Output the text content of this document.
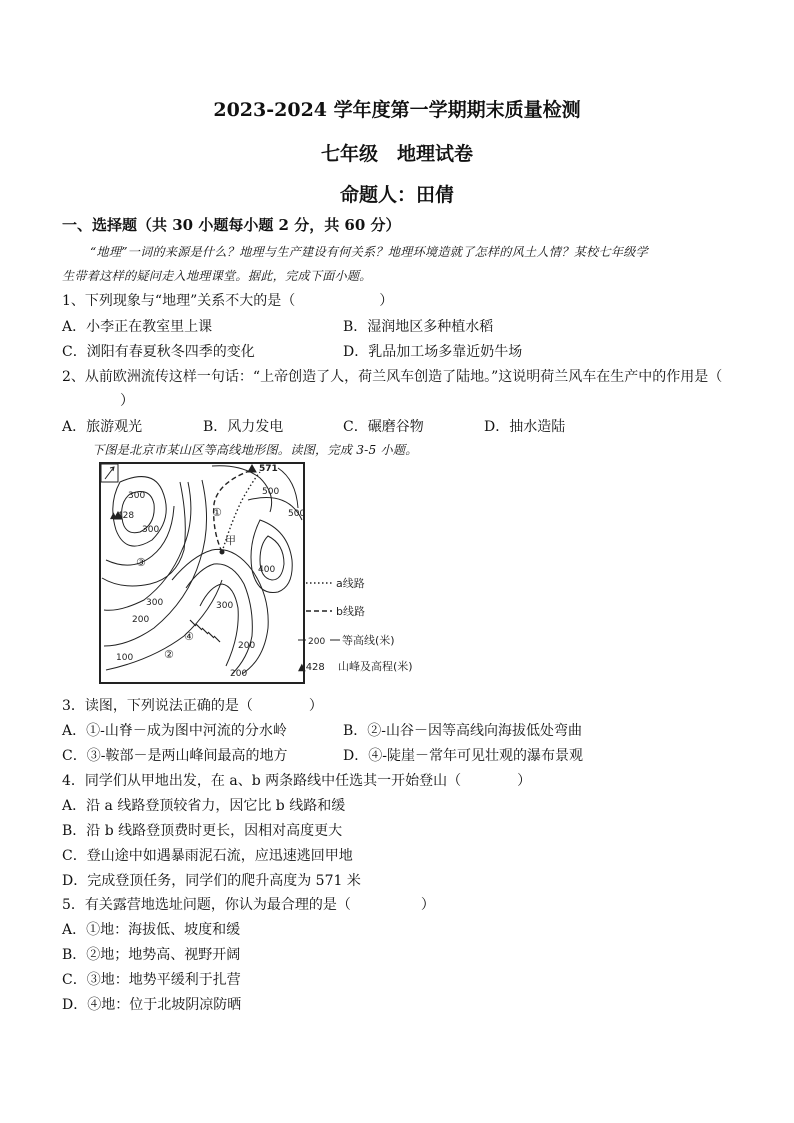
2023-2024 学年度第一学期期末质量检测
七年级　地理试卷
命题人：田倩
一、选择题（共 30 小题每小题 2 分，共 60 分）
“地理”一词的来源是什么？地理与生产建设有何关系？地理环境造就了怎样的风土人情？某校七年级学
生带着这样的疑问走入地理课堂。据此，完成下面小题。
1、下列现象与“地理”关系不大的是（　　　　　　）
A．小李正在教室里上课	B．湿润地区多种植水稻
C．浏阳有春夏秋冬四季的变化	D．乳品加工场多靠近奶牛场
2、从前欧洲流传这样一句话：“上帝创造了人，荷兰风车创造了陆地。”这说明荷兰风车在生产中的作用是（
）
A．旅游观光	B．风力发电	C．碾磨谷物	D．抽水造陆
下图是北京市某山区等高线地形图。读图，完成 3-5 小题。
571
▲428
500
500
300
300
300	300
400
200
200
200
100
甲
①
②
③
④
a线路
b线路
200 等高线(米)
▲428 山峰及高程(米)
3．读图，下列说法正确的是（　　　　）
A．①-山脊－成为图中河流的分水岭	B．②-山谷－因等高线向海拔低处弯曲
C．③-鞍部－是两山峰间最高的地方	D．④-陡崖－常年可见壮观的瀑布景观
4．同学们从甲地出发，在 a、b 两条路线中任选其一开始登山（　　　　）
A．沿 a 线路登顶较省力，因它比 b 线路和缓
B．沿 b 线路登顶费时更长，因相对高度更大
C．登山途中如遇暴雨泥石流，应迅速逃回甲地
D．完成登顶任务，同学们的爬升高度为 571 米
5．有关露营地选址问题，你认为最合理的是（　　　　　）
A．①地：海拔低、坡度和缓
B．②地；地势高、视野开阔
C．③地：地势平缓利于扎营
D．④地：位于北坡阴凉防晒
